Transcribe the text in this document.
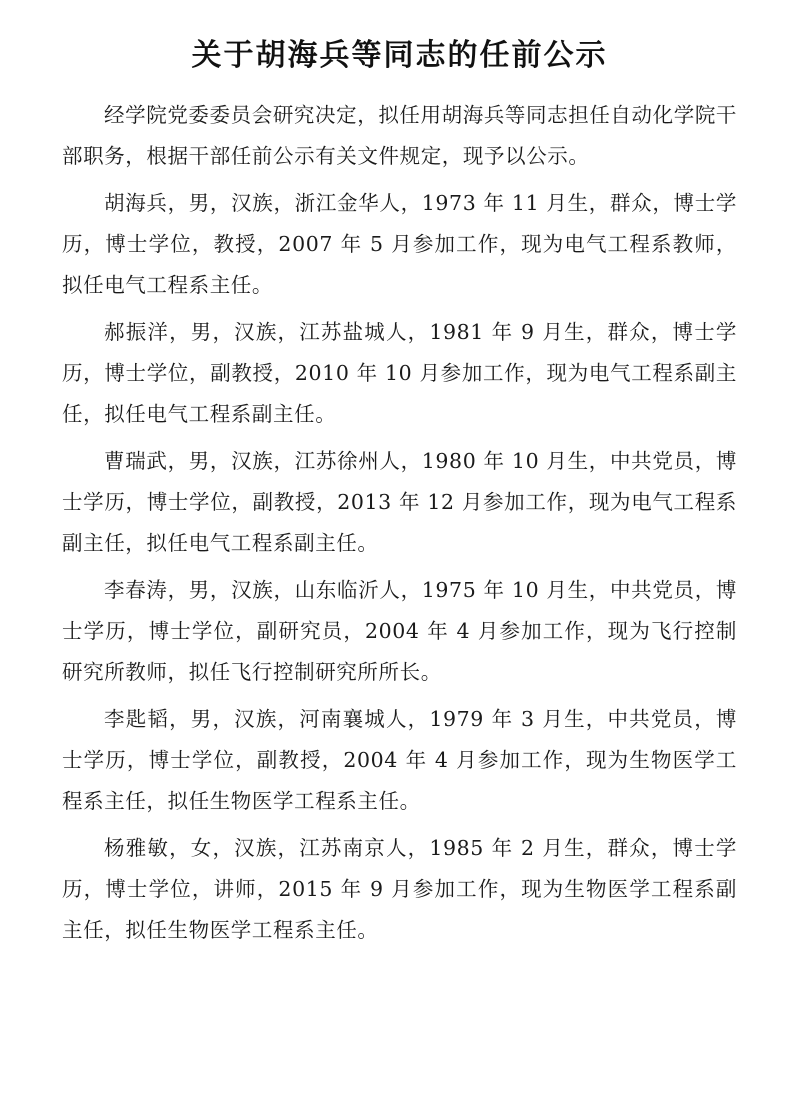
关于胡海兵等同志的任前公示

经学院党委委员会研究决定，拟任用胡海兵等同志担任自动化学院干部职务，根据干部任前公示有关文件规定，现予以公示。

胡海兵，男，汉族，浙江金华人，1973 年 11 月生，群众，博士学历，博士学位，教授，2007 年 5 月参加工作，现为电气工程系教师，拟任电气工程系主任。

郝振洋，男，汉族，江苏盐城人，1981 年 9 月生，群众，博士学历，博士学位，副教授，2010 年 10 月参加工作，现为电气工程系副主任，拟任电气工程系副主任。

曹瑞武，男，汉族，江苏徐州人，1980 年 10 月生，中共党员，博士学历，博士学位，副教授，2013 年 12 月参加工作，现为电气工程系副主任，拟任电气工程系副主任。

李春涛，男，汉族，山东临沂人，1975 年 10 月生，中共党员，博士学历，博士学位，副研究员，2004 年 4 月参加工作，现为飞行控制研究所教师，拟任飞行控制研究所所长。

李匙韬，男，汉族，河南襄城人，1979 年 3 月生，中共党员，博士学历，博士学位，副教授，2004 年 4 月参加工作，现为生物医学工程系主任，拟任生物医学工程系主任。

杨雅敏，女，汉族，江苏南京人，1985 年 2 月生，群众，博士学历，博士学位，讲师，2015 年 9 月参加工作，现为生物医学工程系副主任，拟任生物医学工程系主任。
